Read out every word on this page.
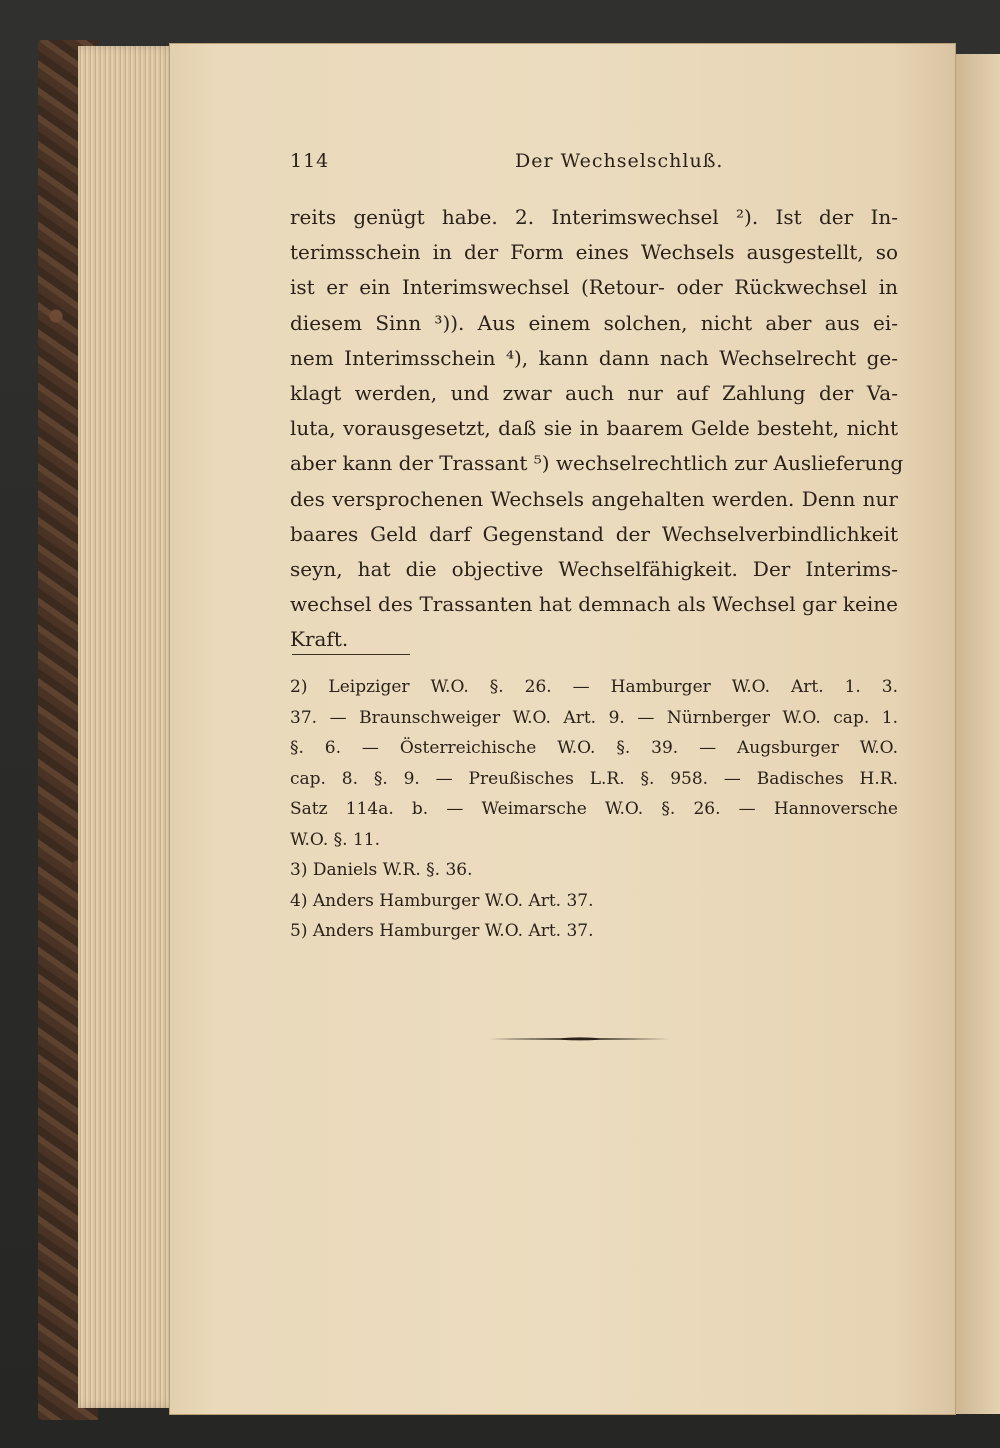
114	Der Wechselschluß.
reits genügt habe. 2. Interimswechsel ²). Ist der In-
terimsschein in der Form eines Wechsels ausgestellt, so
ist er ein Interimswechsel (Retour- oder Rückwechsel in
diesem Sinn ³)). Aus einem solchen, nicht aber aus ei-
nem Interimsschein ⁴), kann dann nach Wechselrecht ge-
klagt werden, und zwar auch nur auf Zahlung der Va-
luta, vorausgesetzt, daß sie in baarem Gelde besteht, nicht
aber kann der Trassant ⁵) wechselrechtlich zur Auslieferung
des versprochenen Wechsels angehalten werden. Denn nur
baares Geld darf Gegenstand der Wechselverbindlichkeit
seyn, hat die objective Wechselfähigkeit. Der Interims-
wechsel des Trassanten hat demnach als Wechsel gar keine
Kraft.
2) Leipziger W.O. §. 26. — Hamburger W.O. Art. 1. 3.
37. — Braunschweiger W.O. Art. 9. — Nürnberger W.O. cap. 1.
§. 6. — Österreichische W.O. §. 39. — Augsburger W.O.
cap. 8. §. 9. — Preußisches L.R. §. 958. — Badisches H.R.
Satz 114a. b. — Weimarsche W.O. §. 26. — Hannoversche
W.O. §. 11.
3) Daniels W.R. §. 36.
4) Anders Hamburger W.O. Art. 37.
5) Anders Hamburger W.O. Art. 37.
